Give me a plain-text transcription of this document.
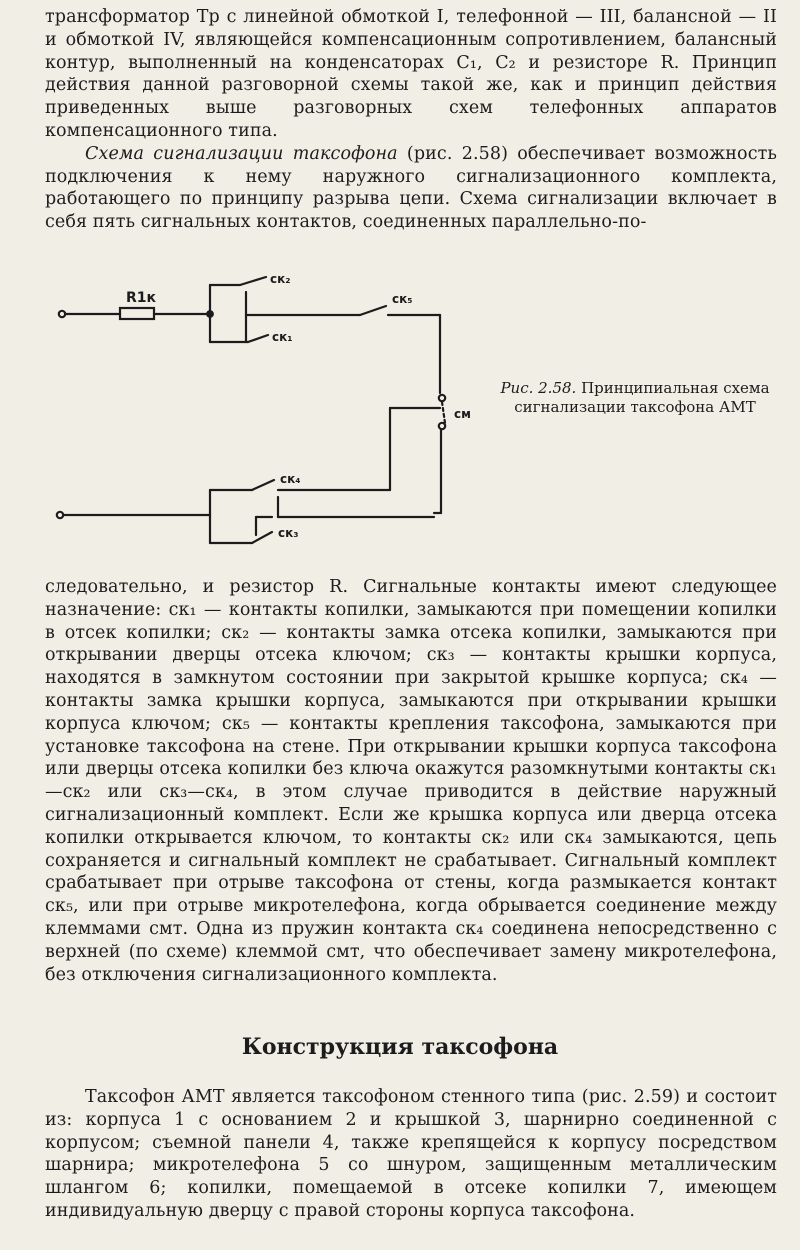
трансформатор Тр с линейной обмоткой I, телефонной — III, балансной — II и обмоткой IV, являющейся компенсационным сопротивлением, балансный контур, выполненный на конденсаторах C₁, C₂ и резисторе R. Принцип действия данной разговорной схемы такой же, как и принцип действия приведенных выше разговорных схем телефонных аппаратов компенсационного типа.

Схема сигнализации таксофона (рис. 2.58) обеспечивает возможность подключения к нему наружного сигнализационного комплекта, работающего по принципу разрыва цепи. Схема сигнализации включает в себя пять сигнальных контактов, соединенных параллельно-по-

R1к
ск₂
ск₁
ск₅
см
ск₄
ск₃
Рис. 2.58. Принципиальная схема сигнализации таксофона АМТ

следовательно, и резистор R. Сигнальные контакты имеют следующее назначение: ск₁ — контакты копилки, замыкаются при помещении копилки в отсек копилки; ск₂ — контакты замка отсека копилки, замыкаются при открывании дверцы отсека ключом; ск₃ — контакты крышки корпуса, находятся в замкнутом состоянии при закрытой крышке корпуса; ск₄ — контакты замка крышки корпуса, замыкаются при открывании крышки корпуса ключом; ск₅ — контакты крепления таксофона, замыкаются при установке таксофона на стене. При открывании крышки корпуса таксофона или дверцы отсека копилки без ключа окажутся разомкнутыми контакты ск₁—ск₂ или ск₃—ск₄, в этом случае приводится в действие наружный сигнализационный комплект. Если же крышка корпуса или дверца отсека копилки открывается ключом, то контакты ск₂ или ск₄ замыкаются, цепь сохраняется и сигнальный комплект не срабатывает. Сигнальный комплект срабатывает при отрыве таксофона от стены, когда размыкается контакт ск₅, или при отрыве микротелефона, когда обрывается соединение между клеммами смт. Одна из пружин контакта ск₄ соединена непосредственно с верхней (по схеме) клеммой смт, что обеспечивает замену микротелефона, без отключения сигнализационного комплекта.

Конструкция таксофона

Таксофон АМТ является таксофоном стенного типа (рис. 2.59) и состоит из: корпуса 1 с основанием 2 и крышкой 3, шарнирно соединенной с корпусом; съемной панели 4, также крепящейся к корпусу посредством шарнира; микротелефона 5 со шнуром, защищенным металлическим шлангом 6; копилки, помещаемой в отсеке копилки 7, имеющем индивидуальную дверцу с правой стороны корпуса таксофона.
